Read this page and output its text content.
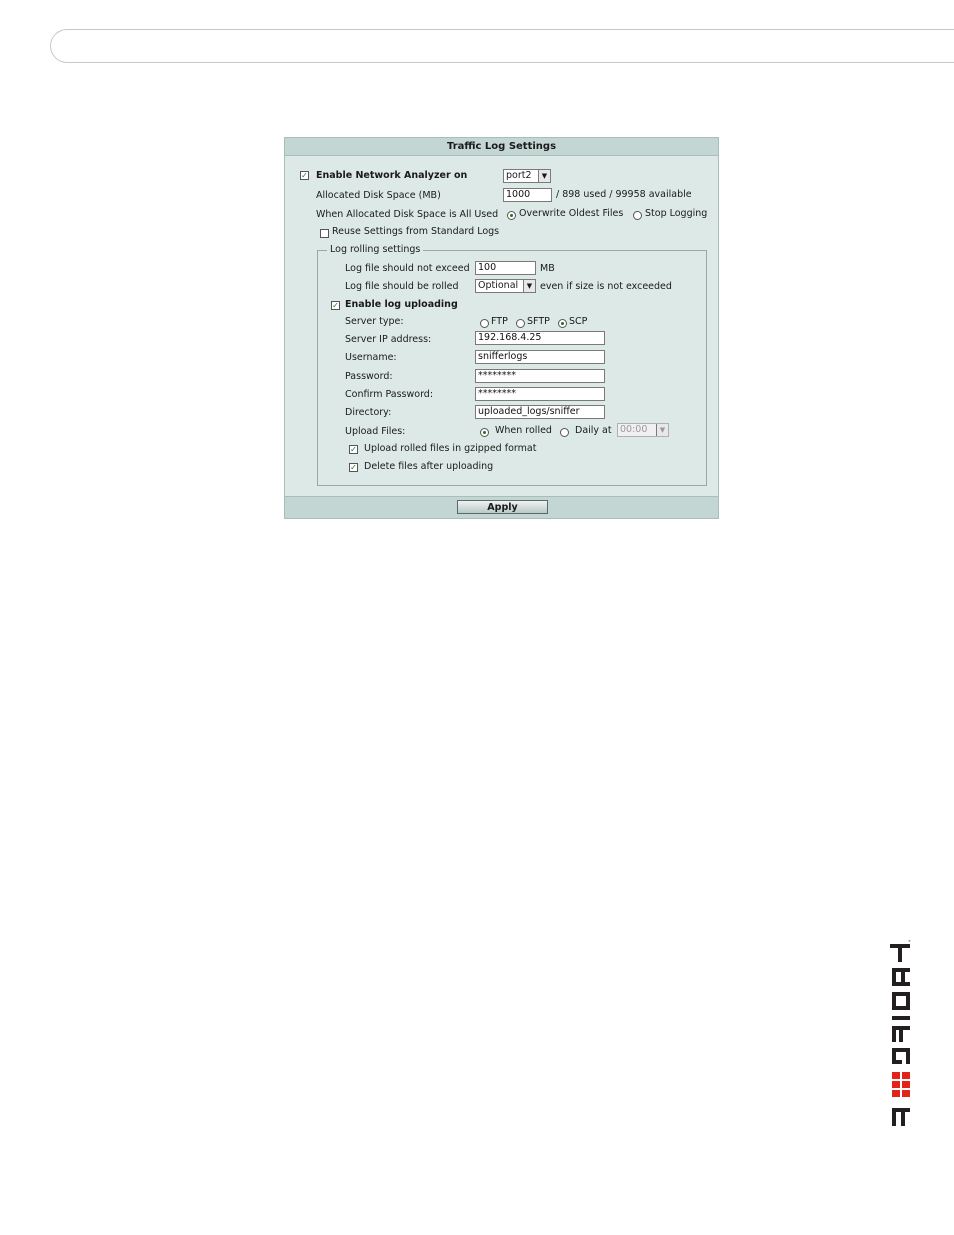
Traffic Log Settings
✓ Enable Network Analyzer on	port2	▼
Allocated Disk Space (MB)	1000	/ 898 used / 99958 available
When Allocated Disk Space is All Used Overwrite Oldest Files Stop Logging
Reuse Settings from Standard Logs
Log rolling settings
Log file should not exceed 100	MB
Log file should be rolled	Optional	▼ even if size is not exceeded
✓ Enable log uploading
Server type:	FTP SFTP SCP
Server IP address:	192.168.4.25
Username:	snifferlogs
Password:	********
Confirm Password:	********
Directory:	uploaded_logs/sniffer
Upload Files:	When rolled Daily at 00:00	▼
✓ Upload rolled files in gzipped format
✓ Delete files after uploading
Apply
®
